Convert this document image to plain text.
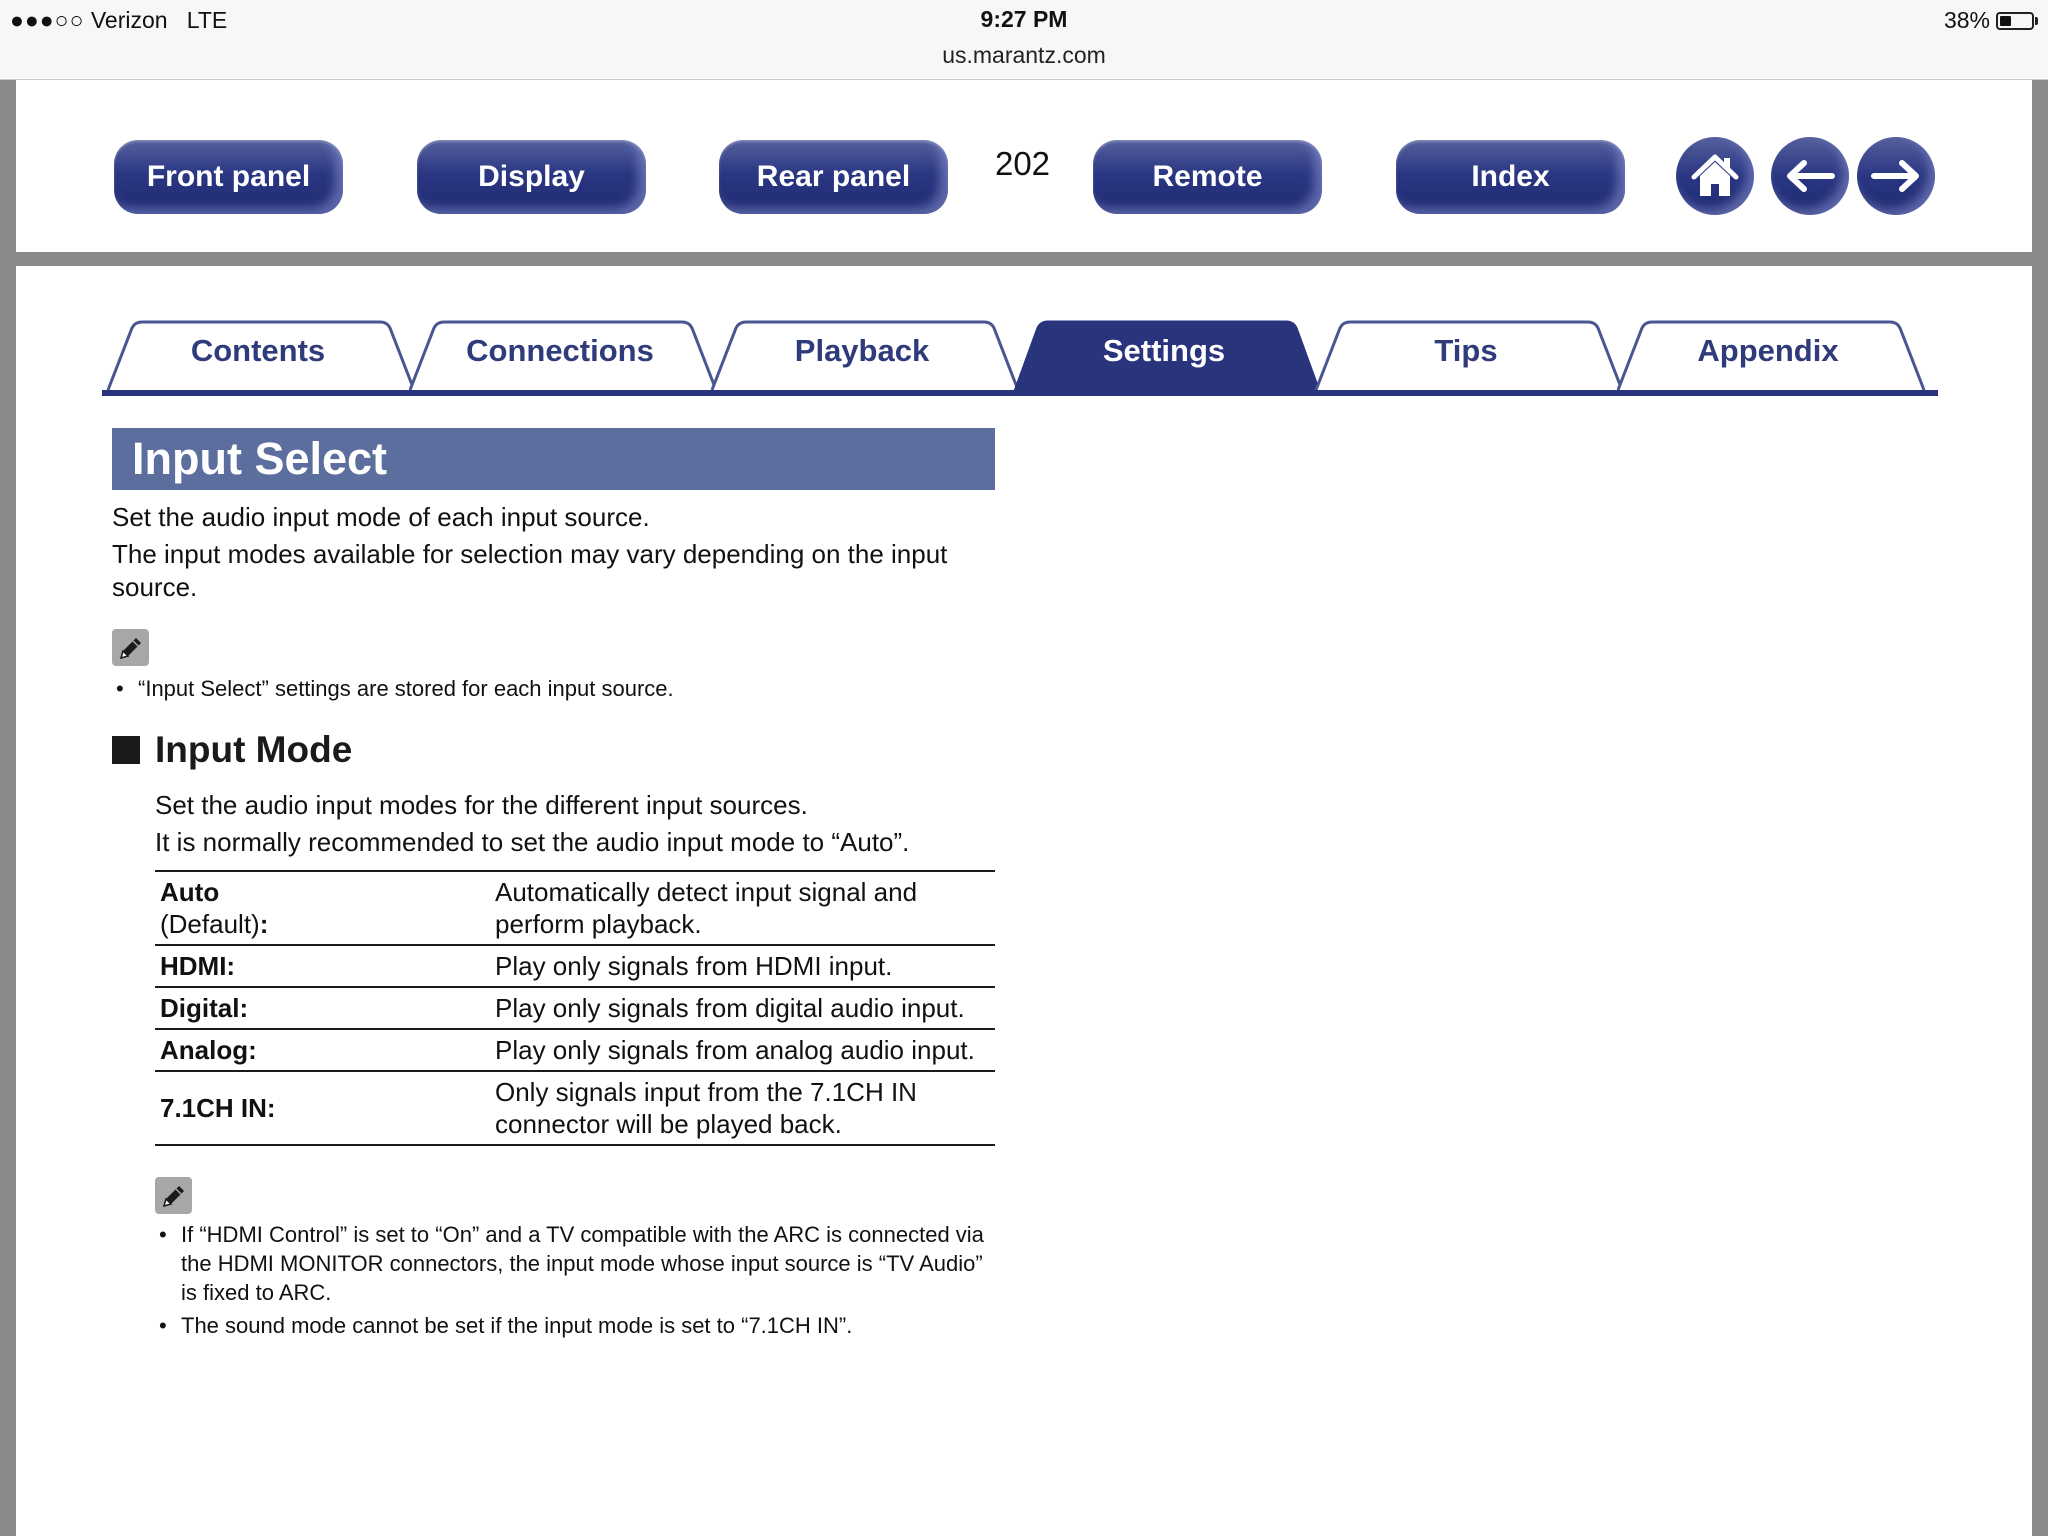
●●●○○ Verizon LTE	9:27 PM
us.marantz.com
38%
Front panel	Display	Rear panel	202	Remote	Index
Contents	Connections	Playback	Settings	Tips	Appendix
Input Select

Set the audio input mode of each input source.

The input modes available for selection may vary depending on the input source.

• “Input Select” settings are stored for each input source.
Input Mode

Set the audio input modes for the different input sources.

It is normally recommended to set the audio input mode to “Auto”.

Auto
(Default):	Automatically detect input signal and perform playback.
HDMI:	Play only signals from HDMI input.
Digital:	Play only signals from digital audio input.
Analog:	Play only signals from analog audio input.
7.1CH IN:	Only signals input from the 7.1CH IN connector will be played back.
• If “HDMI Control” is set to “On” and a TV compatible with the ARC is connected via the HDMI MONITOR connectors, the input mode whose input source is “TV Audio” is fixed to ARC.
• The sound mode cannot be set if the input mode is set to “7.1CH IN”.
